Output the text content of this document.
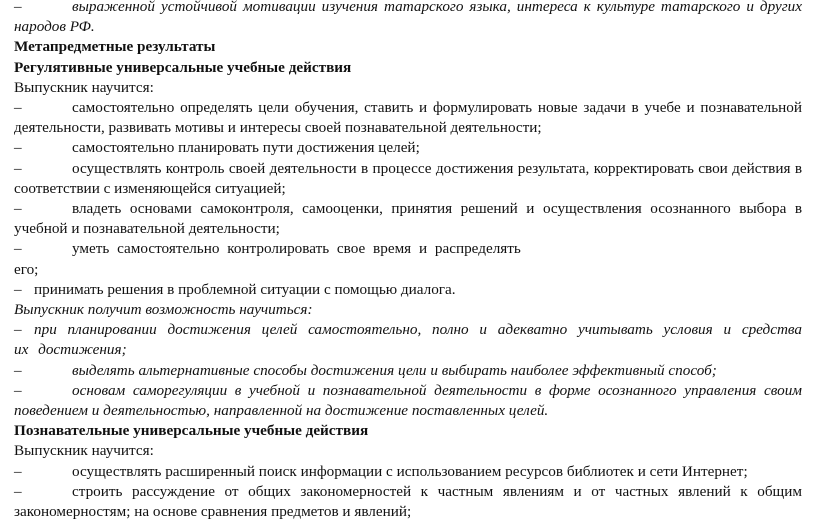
–	выраженной устойчивой мотивации изучения татарского языка, интереса к культуре татарского и других народов РФ.

Метапредметные результаты

Регулятивные универсальные учебные действия

Выпускник научится:

–	самостоятельно определять цели обучения, ставить и формулировать новые задачи в учебе и познавательной деятельности, развивать мотивы и интересы своей познавательной деятельности;

–	самостоятельно планировать пути достижения целей;

–	осуществлять контроль своей деятельности в процессе достижения результата, корректировать свои действия в соответствии с изменяющейся ситуацией;

–	владеть основами самоконтроля, самооценки, принятия решений и осуществления осознанного выбора в учебной и познавательной деятельности;

–	уметь самостоятельно контролировать свое время и распределять

его;

– принимать решения в проблемной ситуации с помощью диалога.

Выпускник получит возможность научиться:

– при планировании достижения целей самостоятельно, полно и адекватно учитывать условия и средства их достижения;

–	выделять альтернативные способы достижения цели и выбирать наиболее эффективный способ;

–	основам саморегуляции в учебной и познавательной деятельности в форме осознанного управления своим поведением и деятельностью, направленной на достижение поставленных целей.

Познавательные универсальные учебные действия

Выпускник научится:

–	осуществлять расширенный поиск информации с использованием ресурсов библиотек и сети Интернет;

–	строить рассуждение от общих закономерностей к частным явлениям и от частных явлений к общим закономерностям; на основе сравнения предметов и явлений;
